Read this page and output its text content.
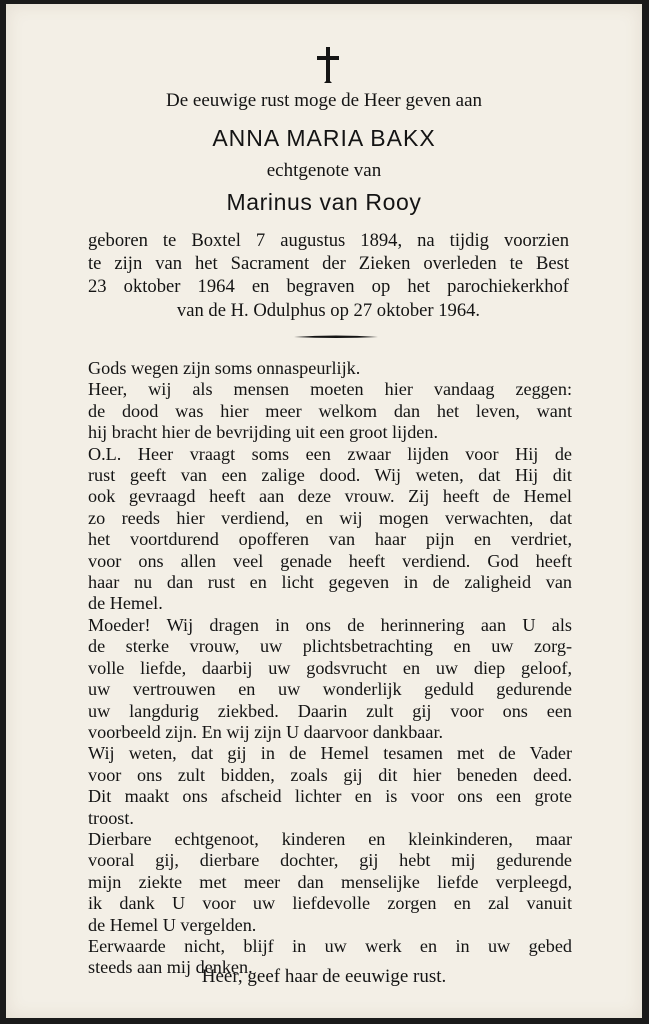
De eeuwige rust moge de Heer geven aan
ANNA MARIA BAKX
echtgenote van
Marinus van Rooy
geboren te Boxtel 7 augustus 1894, na tijdig voorzien
te zijn van het Sacrament der Zieken overleden te Best
23 oktober 1964 en begraven op het parochiekerkhof
van de H. Odulphus op 27 oktober 1964.
Gods wegen zijn soms onnaspeurlijk.
Heer, wij als mensen moeten hier vandaag zeggen:
de dood was hier meer welkom dan het leven, want
hij bracht hier de bevrijding uit een groot lijden.
O.L. Heer vraagt soms een zwaar lijden voor Hij de
rust geeft van een zalige dood. Wij weten, dat Hij dit
ook gevraagd heeft aan deze vrouw. Zij heeft de Hemel
zo reeds hier verdiend, en wij mogen verwachten, dat
het voortdurend opofferen van haar pijn en verdriet,
voor ons allen veel genade heeft verdiend. God heeft
haar nu dan rust en licht gegeven in de zaligheid van
de Hemel.
Moeder! Wij dragen in ons de herinnering aan U als
de sterke vrouw, uw plichtsbetrachting en uw zorg-
volle liefde, daarbij uw godsvrucht en uw diep geloof,
uw vertrouwen en uw wonderlijk geduld gedurende
uw langdurig ziekbed. Daarin zult gij voor ons een
voorbeeld zijn. En wij zijn U daarvoor dankbaar.
Wij weten, dat gij in de Hemel tesamen met de Vader
voor ons zult bidden, zoals gij dit hier beneden deed.
Dit maakt ons afscheid lichter en is voor ons een grote
troost.
Dierbare echtgenoot, kinderen en kleinkinderen, maar
vooral gij, dierbare dochter, gij hebt mij gedurende
mijn ziekte met meer dan menselijke liefde verpleegd,
ik dank U voor uw liefdevolle zorgen en zal vanuit
de Hemel U vergelden.
Eerwaarde nicht, blijf in uw werk en in uw gebed
steeds aan mij denken.
Heer, geef haar de eeuwige rust.
